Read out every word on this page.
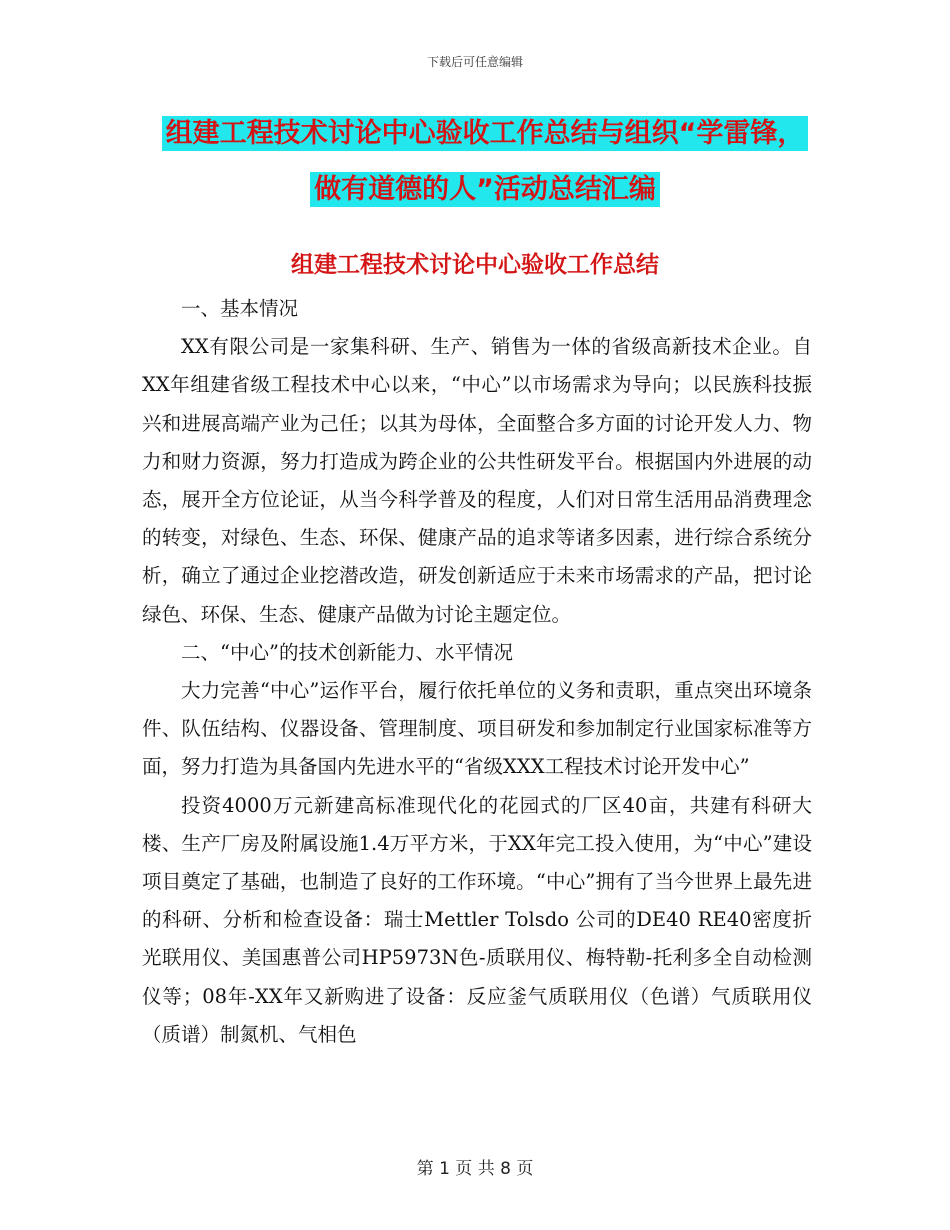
下载后可任意编辑
组建工程技术讨论中心验收工作总结与组织“学雷锋，
做有道德的人”活动总结汇编
组建工程技术讨论中心验收工作总结

一、基本情况

XX有限公司是一家集科研、生产、销售为一体的省级高新技术企业。自XX年组建省级工程技术中心以来，“中心”以市场需求为导向；以民族科技振兴和进展高端产业为己任；以其为母体，全面整合多方面的讨论开发人力、物力和财力资源，努力打造成为跨企业的公共性研发平台。根据国内外进展的动态，展开全方位论证，从当今科学普及的程度，人们对日常生活用品消费理念的转变，对绿色、生态、环保、健康产品的追求等诸多因素，进行综合系统分析，确立了通过企业挖潜改造，研发创新适应于未来市场需求的产品，把讨论绿色、环保、生态、健康产品做为讨论主题定位。

二、“中心”的技术创新能力、水平情况

大力完善“中心”运作平台，履行依托单位的义务和责职，重点突出环境条件、队伍结构、仪器设备、管理制度、项目研发和参加制定行业国家标准等方面，努力打造为具备国内先进水平的“省级XXX工程技术讨论开发中心”

投资4000万元新建高标准现代化的花园式的厂区40亩，共建有科研大楼、生产厂房及附属设施1.4万平方米，于XX年完工投入使用，为“中心”建设项目奠定了基础，也制造了良好的工作环境。“中心”拥有了当今世界上最先进的科研、分析和检查设备：瑞士Mettler Tolsdo 公司的DE40 RE40密度折光联用仪、美国惠普公司HP5973N色-质联用仪、梅特勒-托利多全自动检测仪等；08年-XX年又新购进了设备：反应釜气质联用仪（色谱）气质联用仪（质谱）制氮机、气相色

第 1 页 共 8 页
